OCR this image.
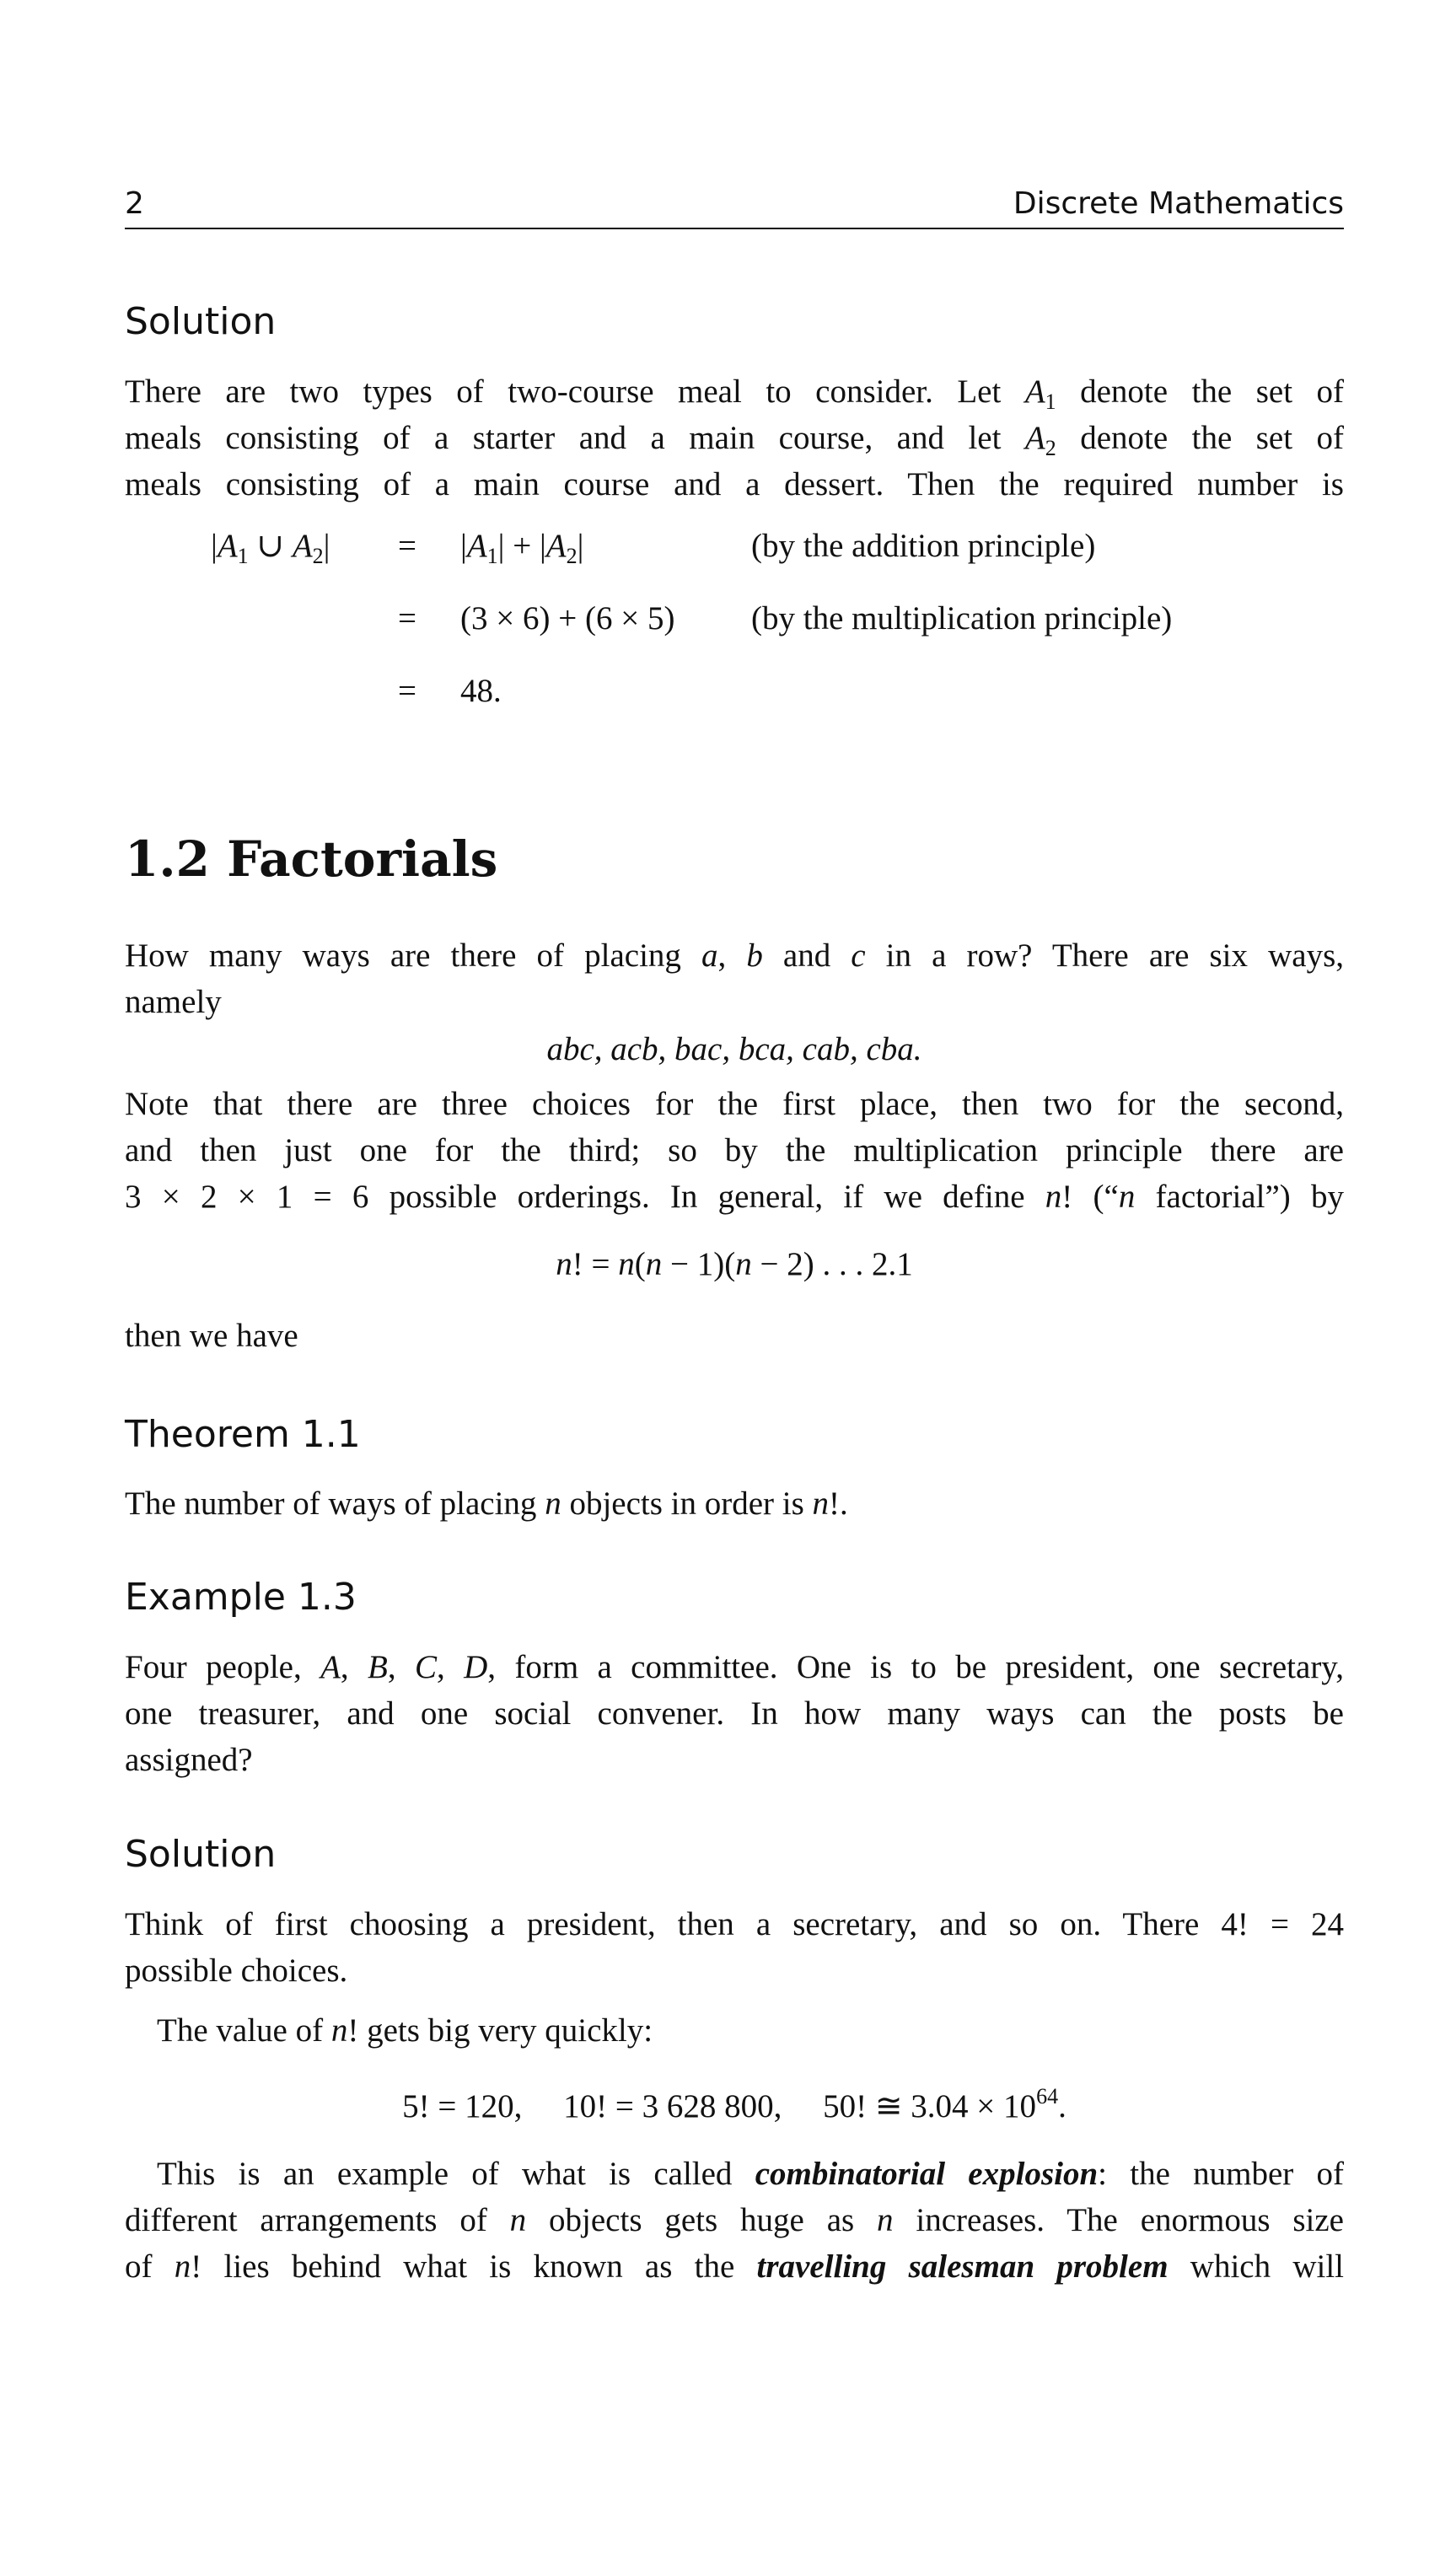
2	Discrete Mathematics
Solution
There are two types of two-course meal to consider. Let $A_1$ denote the set of
meals consisting of a starter and a main course, and let $A_2$ denote the set of
meals consisting of a main course and a dessert. Then the required number is
$|A_1$ ∪ $A_2| = |A_1| + |A_2|$	(by the addition principle)
= (3 × 6) + (6 × 5) (by the multiplication principle)
= 48.
1.2 Factorials
How many ways are there of placing a, b and c in a row? There are six ways,
namely
abc, acb, bac, bca, cab, cba.
Note that there are three choices for the first place, then two for the second,
and then just one for the third; so by the multiplication principle there are
3 × 2 × 1 = 6 possible orderings. In general, if we define n! (“n factorial”) by
n! = n(n − 1)(n − 2) . . . 2.1
then we have
Theorem 1.1
The number of ways of placing n objects in order is n!.
Example 1.3
Four people, A, B, C, D, form a committee. One is to be president, one secretary,
one treasurer, and one social convener. In how many ways can the posts be
assigned?
Solution
Think of first choosing a president, then a secretary, and so on. There 4! = 24
possible choices.
The value of n! gets big very quickly:
5! = 120, 10! = 3 628 800, 50! ≅ $3.04 \times 10^{64}$.
This is an example of what is called combinatorial explosion: the number of
different arrangements of n objects gets huge as n increases. The enormous size
of n! lies behind what is known as the travelling salesman problem which will
